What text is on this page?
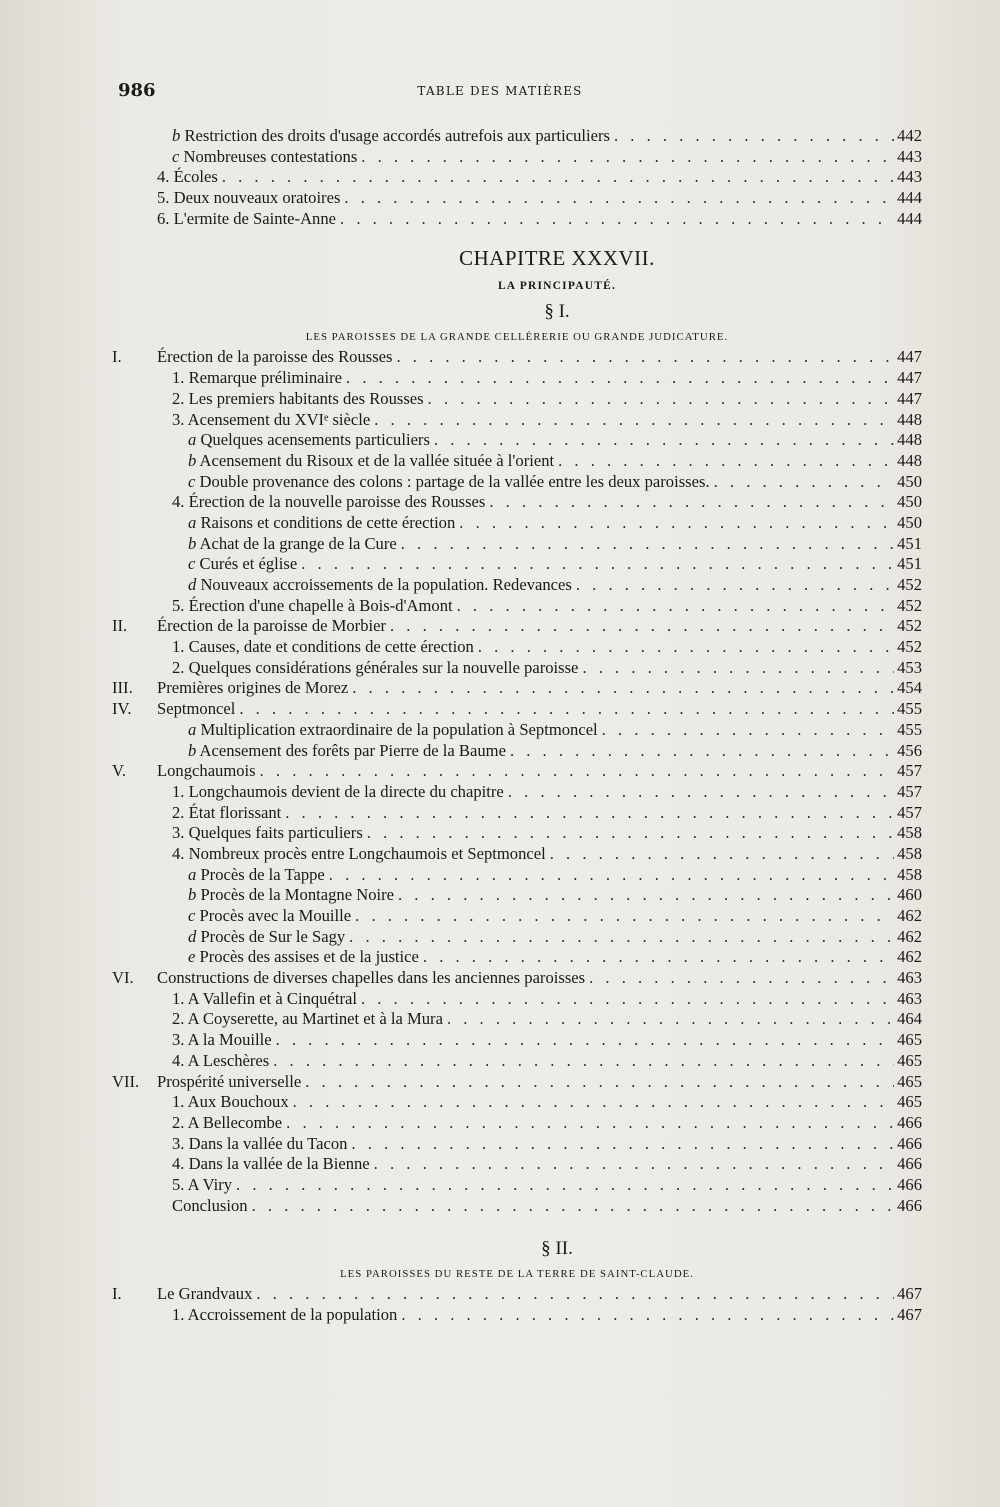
986	TABLE DES MATIÈRES
b Restriction des droits d'usage accordés autrefois aux particuliers . . .	442
c Nombreuses contestations . . .	443
4. Écoles . . .	443
5. Deux nouveaux oratoires . . .	444
6. L'ermite de Sainte-Anne . . .	444
CHAPITRE XXXVII.
LA PRINCIPAUTÉ.
§ I.
LES PAROISSES DE LA GRANDE CELLÈRERIE OU GRANDE JUDICATURE.
I. Érection de la paroisse des Rousses . . .	447
1. Remarque préliminaire . . .	447
2. Les premiers habitants des Rousses . . .	447
3. Acensement du XVIᵉ siècle . . .	448
a Quelques acensements particuliers . . .	448
b Acensement du Risoux et de la vallée située à l'orient . . .	448
c Double provenance des colons : partage de la vallée entre les deux paroisses. . . .	450
4. Érection de la nouvelle paroisse des Rousses . . .	450
a Raisons et conditions de cette érection . . .	450
b Achat de la grange de la Cure . . .	451
c Curés et église . . .	451
d Nouveaux accroissements de la population. Redevances . . .	452
5. Érection d'une chapelle à Bois-d'Amont . . .	452
II. Érection de la paroisse de Morbier . . .	452
1. Causes, date et conditions de cette érection . . .	452
2. Quelques considérations générales sur la nouvelle paroisse . . .	453
III. Premières origines de Morez . . .	454
IV. Septmoncel . . .	455
a Multiplication extraordinaire de la population à Septmoncel . . .	455
b Acensement des forêts par Pierre de la Baume . . .	456
V. Longchaumois . . .	457
1. Longchaumois devient de la directe du chapitre . . .	457
2. État florissant . . .	457
3. Quelques faits particuliers . . .	458
4. Nombreux procès entre Longchaumois et Septmoncel . . .	458
a Procès de la Tappe . . .	458
b Procès de la Montagne Noire . . .	460
c Procès avec la Mouille . . .	462
d Procès de Sur le Sagy . . .	462
e Procès des assises et de la justice . . .	462
VI. Constructions de diverses chapelles dans les anciennes paroisses . . .	463
1. A Vallefin et à Cinquétral . . .	463
2. A Coyserette, au Martinet et à la Mura . . .	464
3. A la Mouille . . .	465
4. A Leschères . . .	465
VII. Prospérité universelle . . .	465
1. Aux Bouchoux . . .	465
2. A Bellecombe . . .	466
3. Dans la vallée du Tacon . . .	466
4. Dans la vallée de la Bienne . . .	466
5. A Viry . . .	466
Conclusion . . .	466
§ II.
LES PAROISSES DU RESTE DE LA TERRE DE SAINT-CLAUDE.
I. Le Grandvaux . . .	467
1. Accroissement de la population . . .	467
